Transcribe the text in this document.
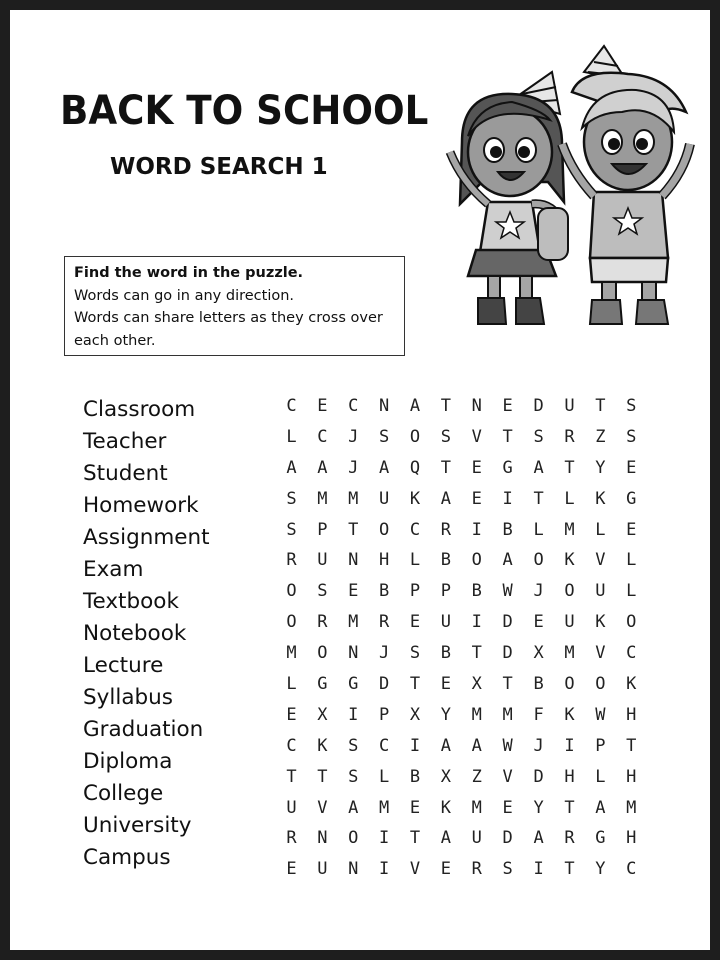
BACK TO SCHOOL
WORD SEARCH 1
Find the word in the puzzle.
Words can go in any direction.
Words can share letters as they cross over each other.
Classroom
Teacher
Student
Homework
Assignment
Exam
Textbook
Notebook
Lecture
Syllabus
Graduation
Diploma
College
University
Campus
C	E	C	N	A	T	N	E	D	U	T	S
L	C	J	S	O	S	V	T	S	R	Z	S
A	A	J	A	Q	T	E	G	A	T	Y	E
S	M	M	U	K	A	E	I	T	L	K	G
S	P	T	O	C	R	I	B	L	M	L	E
R	U	N	H	L	B	O	A	O	K	V	L
O	S	E	B	P	P	B	W	J	O	U	L
O	R	M	R	E	U	I	D	E	U	K	O
M	O	N	J	S	B	T	D	X	M	V	C
L	G	G	D	T	E	X	T	B	O	O	K
E	X	I	P	X	Y	M	M	F	K	W	H
C	K	S	C	I	A	A	W	J	I	P	T
T	T	S	L	B	X	Z	V	D	H	L	H
U	V	A	M	E	K	M	E	Y	T	A	M
R	N	O	I	T	A	U	D	A	R	G	H
E	U	N	I	V	E	R	S	I	T	Y	C
